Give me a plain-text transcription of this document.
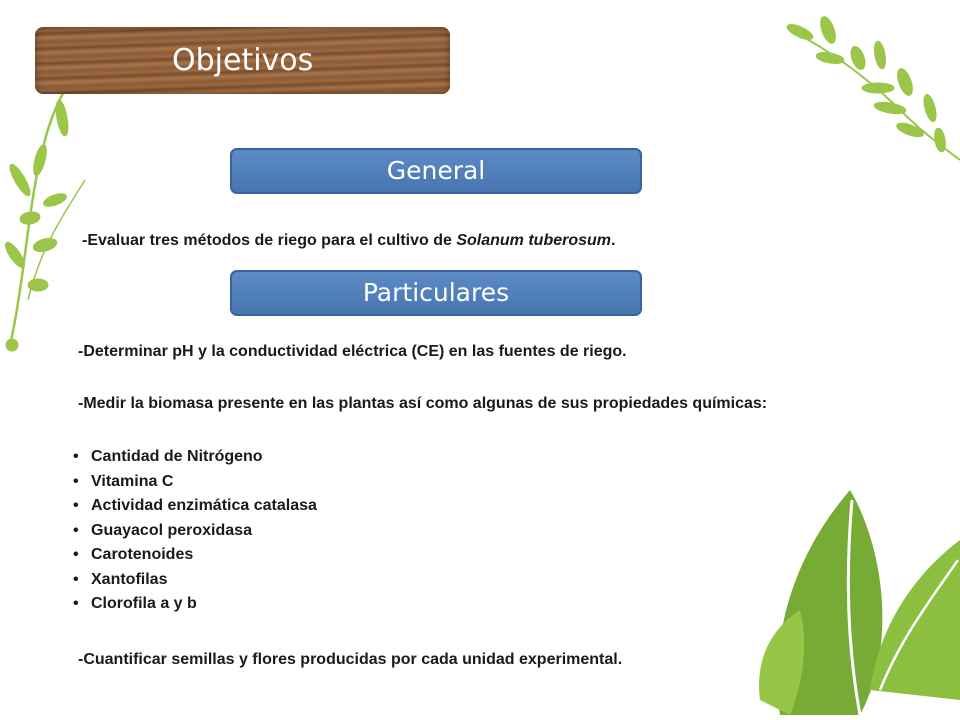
Objetivos
General
-Evaluar tres métodos de riego para el cultivo de Solanum tuberosum.
Particulares
-Determinar pH y la conductividad eléctrica (CE) en las fuentes de riego.
-Medir la biomasa presente en las plantas así como algunas de sus propiedades químicas:
• Cantidad de Nitrógeno
• Vitamina C
• Actividad enzimática catalasa
• Guayacol peroxidasa
• Carotenoides
• Xantofilas
• Clorofila a y b
-Cuantificar semillas y flores producidas por cada unidad experimental.
